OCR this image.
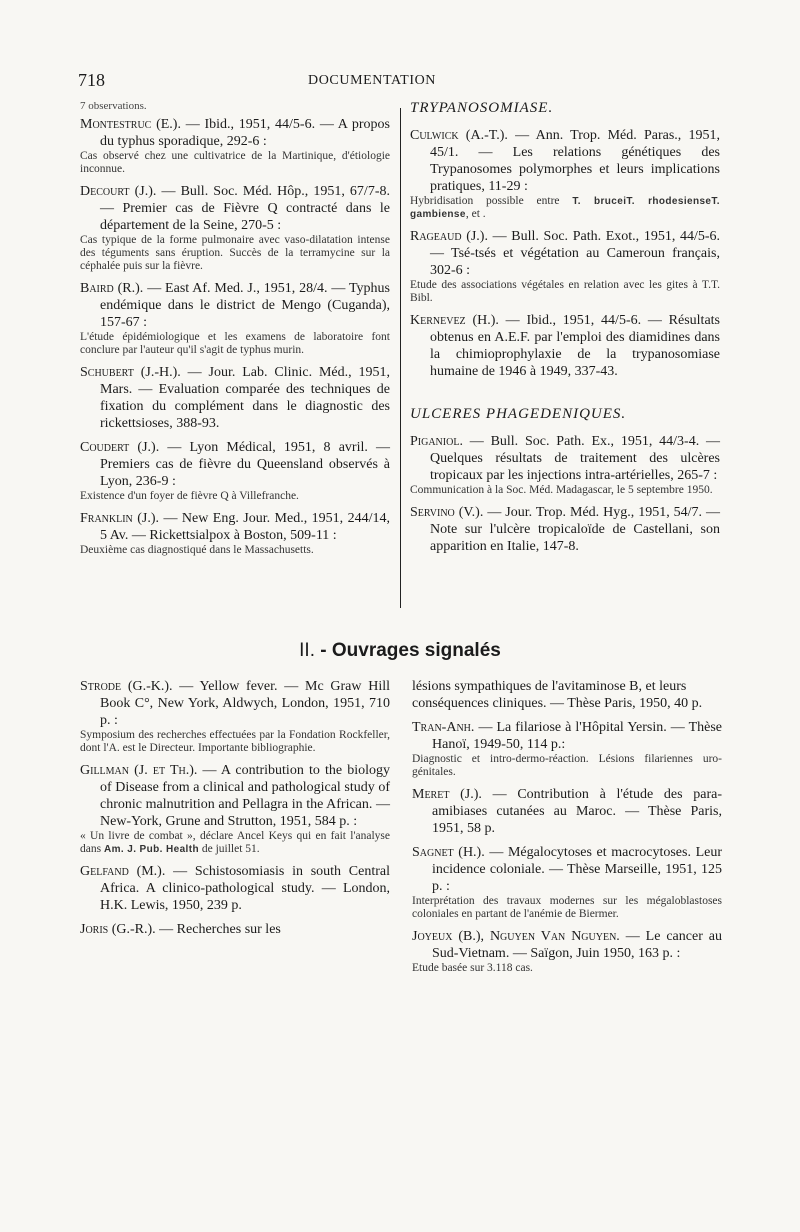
718	DOCUMENTATION

7 observations.

Montestruc (E.). — Ibid., 1951, 44/5-6. — A propos du typhus sporadique, 292-6 :

Cas observé chez une cultivatrice de la Martinique, d'étiologie inconnue.

Decourt (J.). — Bull. Soc. Méd. Hôp., 1951, 67/7-8. — Premier cas de Fièvre Q contracté dans le département de la Seine, 270-5 :

Cas typique de la forme pulmonaire avec vaso-dilatation intense des téguments sans éruption. Succès de la terramycine sur la céphalée puis sur la fièvre.

Baird (R.). — East Af. Med. J., 1951, 28/4. — Typhus endémique dans le district de Mengo (Cuganda), 157-67 :

L'étude épidémiologique et les examens de laboratoire font conclure par l'auteur qu'il s'agit de typhus murin.

Schubert (J.-H.). — Jour. Lab. Clinic. Méd., 1951, Mars. — Evaluation comparée des techniques de fixation du complément dans le diagnostic des rickettsioses, 388-93.

Coudert (J.). — Lyon Médical, 1951, 8 avril. — Premiers cas de fièvre du Queensland observés à Lyon, 236-9 :

Existence d'un foyer de fièvre Q à Villefranche.

Franklin (J.). — New Eng. Jour. Med., 1951, 244/14, 5 Av. — Rickettsialpox à Boston, 509-11 :

Deuxième cas diagnostiqué dans le Massachusetts.

TRYPANOSOMIASE.

Culwick (A.-T.). — Ann. Trop. Méd. Paras., 1951, 45/1. — Les relations génétiques des Trypanosomes polymorphes et leurs implications pratiques, 11-29 :

Hybridisation possible entre T. bruceiT. rhodesienseT. gambiense, et .

Rageaud (J.). — Bull. Soc. Path. Exot., 1951, 44/5-6. — Tsé-tsés et végétation au Cameroun français, 302-6 :

Etude des associations végétales en relation avec les gites à T.T. Bibl.

Kernevez (H.). — Ibid., 1951, 44/5-6. — Résultats obtenus en A.E.F. par l'emploi des diamidines dans la chimioprophylaxie de la trypanosomiase humaine de 1946 à 1949, 337-43.

ULCERES PHAGEDENIQUES.

Piganiol. — Bull. Soc. Path. Ex., 1951, 44/3-4. — Quelques résultats de traitement des ulcères tropicaux par les injections intra-artérielles, 265-7 :

Communication à la Soc. Méd. Madagascar, le 5 septembre 1950.

Servino (V.). — Jour. Trop. Méd. Hyg., 1951, 54/7. — Note sur l'ulcère tropicaloïde de Castellani, son apparition en Italie, 147-8.

II. - Ouvrages signalés

Strode (G.-K.). — Yellow fever. — Mc Graw Hill Book C°, New York, Aldwych, London, 1951, 710 p. :

Symposium des recherches effectuées par la Fondation Rockfeller, dont l'A. est le Directeur. Importante bibliographie.

Gillman (J. et Th.). — A contribution to the biology of Disease from a clinical and pathological study of chronic malnutrition and Pellagra in the African. — New-York, Grune and Strutton, 1951, 584 p. :

« Un livre de combat », déclare Ancel Keys qui en fait l'analyse dans Am. J. Pub. Health de juillet 51.

Gelfand (M.). — Schistosomiasis in south Central Africa. A clinico-pathological study. — London, H.K. Lewis, 1950, 239 p.

Joris (G.-R.). — Recherches sur les

lésions sympathiques de l'avitaminose B, et leurs conséquences cliniques. — Thèse Paris, 1950, 40 p.

Tran-Anh. — La filariose à l'Hôpital Yersin. — Thèse Hanoï, 1949-50, 114 p.:

Diagnostic et intro-dermo-réaction. Lésions filariennes uro-génitales.

Meret (J.). — Contribution à l'étude des para-amibiases cutanées au Maroc. — Thèse Paris, 1951, 58 p.

Sagnet (H.). — Mégalocytoses et macrocytoses. Leur incidence coloniale. — Thèse Marseille, 1951, 125 p. :

Interprétation des travaux modernes sur les mégaloblastoses coloniales en partant de l'anémie de Biermer.

Joyeux (B.), Nguyen Van Nguyen. — Le cancer au Sud-Vietnam. — Saïgon, Juin 1950, 163 p. :

Etude basée sur 3.118 cas.
